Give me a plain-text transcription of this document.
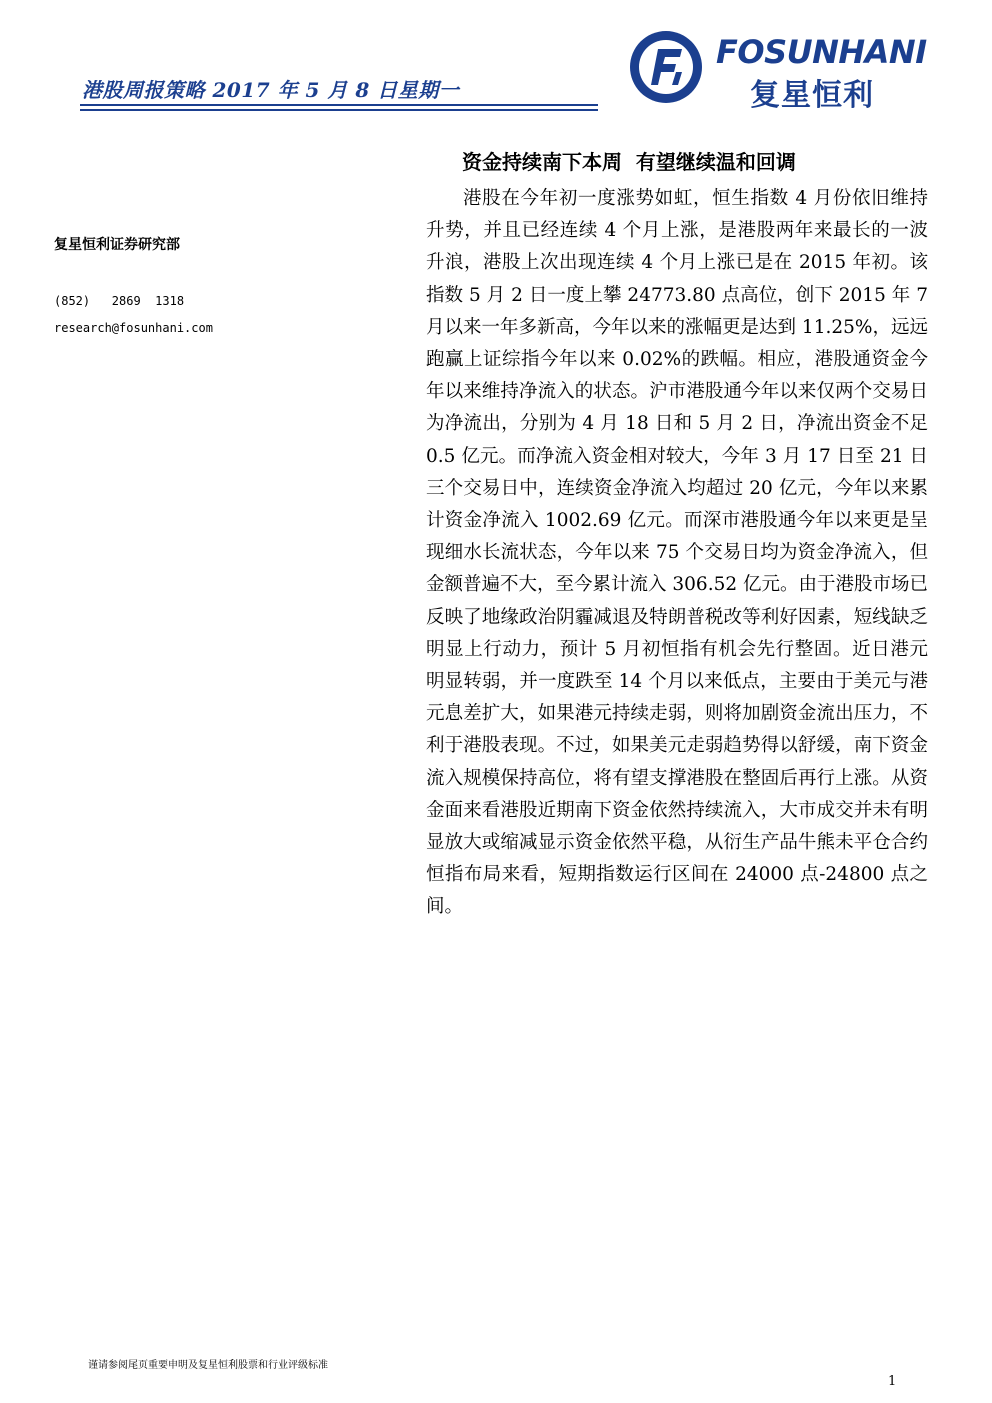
港股周报策略 2017 年 5 月 8 日星期一
FOSUNHANI
复星恒利
复星恒利证券研究部
(852)   2869  1318
research@fosunhani.com
资金持续南下本周  有望继续温和回调
港股在今年初一度涨势如虹，恒生指数 4 月份依旧维持升势，并且已经连续 4 个月上涨，是港股两年来最长的一波升浪，港股上次出现连续 4 个月上涨已是在 2015 年初。该指数 5 月 2 日一度上攀 24773.80 点高位，创下 2015 年 7 月以来一年多新高，今年以来的涨幅更是达到 11.25%，远远跑赢上证综指今年以来 0.02%的跌幅。相应，港股通资金今年以来维持净流入的状态。沪市港股通今年以来仅两个交易日为净流出，分别为 4 月 18 日和 5 月 2 日，净流出资金不足 0.5 亿元。而净流入资金相对较大，今年 3 月 17 日至 21 日三个交易日中，连续资金净流入均超过 20 亿元，今年以来累计资金净流入 1002.69 亿元。而深市港股通今年以来更是呈现细水长流状态，今年以来 75 个交易日均为资金净流入，但金额普遍不大，至今累计流入 306.52 亿元。由于港股市场已反映了地缘政治阴霾减退及特朗普税改等利好因素，短线缺乏明显上行动力，预计 5 月初恒指有机会先行整固。近日港元明显转弱，并一度跌至 14 个月以来低点，主要由于美元与港元息差扩大，如果港元持续走弱，则将加剧资金流出压力，不利于港股表现。不过，如果美元走弱趋势得以舒缓，南下资金流入规模保持高位，将有望支撑港股在整固后再行上涨。从资金面来看港股近期南下资金依然持续流入，大市成交并未有明显放大或缩减显示资金依然平稳，从衍生产品牛熊未平仓合约恒指布局来看，短期指数运行区间在 24000 点-24800 点之间。
谨请参阅尾页重要申明及复星恒利股票和行业评级标准
1
